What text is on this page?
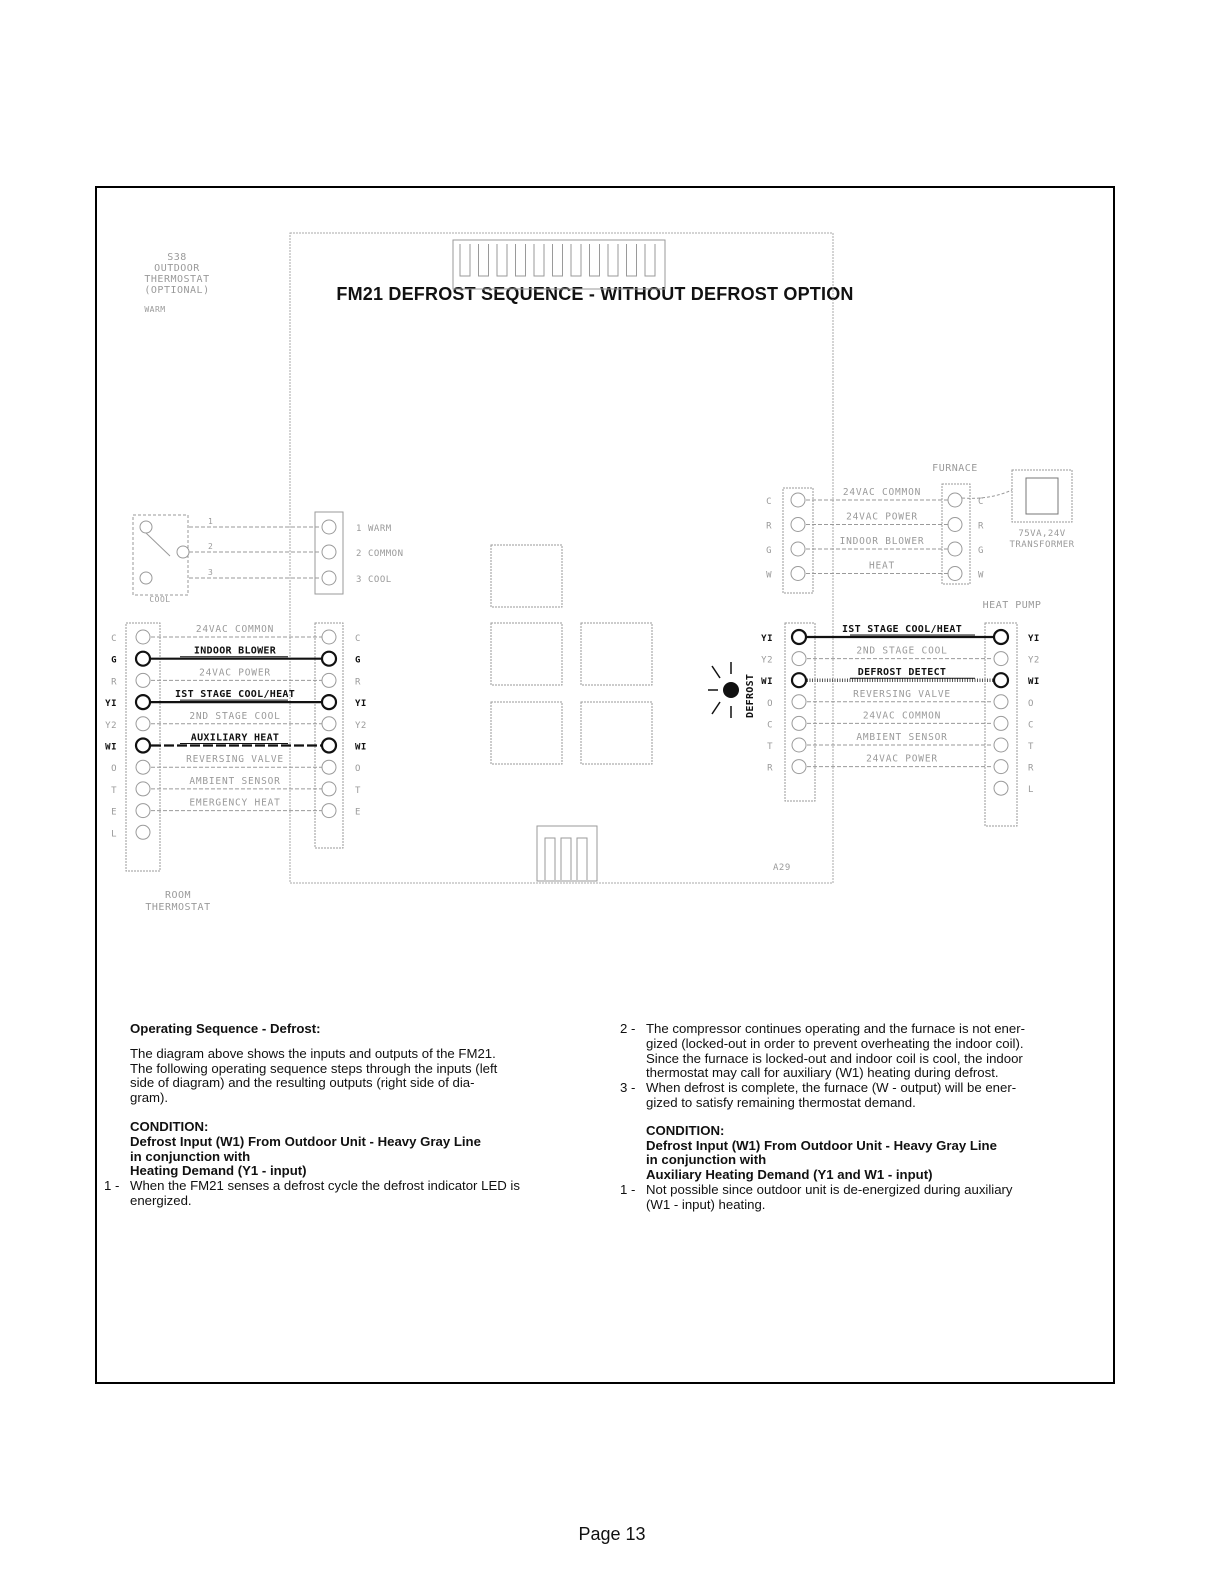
FM21 DEFROST SEQUENCE - WITHOUT DEFROST OPTION
A29
DEFROST
S38
OUTDOOR
THERMOSTAT
(OPTIONAL)
WARM
COOL
1
2
3
1 WARM
2 COMMON
3 COOL
C
24VAC COMMON
C
G
INDOOR BLOWER
G
R
24VAC POWER
R
YI
IST STAGE COOL/HEAT
YI
Y2
2ND STAGE COOL
Y2
WI
AUXILIARY HEAT
WI
O
REVERSING VALVE
O
T
AMBIENT SENSOR
T
E
EMERGENCY HEAT
E
L
ROOM
THERMOSTAT
FURNACE
C
24VAC COMMON
C
R
24VAC POWER
R
G
INDOOR BLOWER
G
W
HEAT
W
75VA,24V
TRANSFORMER
HEAT PUMP
YI
IST STAGE COOL/HEAT
YI
Y2
2ND STAGE COOL
Y2
WI
DEFROST DETECT
WI
O
REVERSING VALVE
O
C
24VAC COMMON
C
T
AMBIENT SENSOR
T
R
24VAC POWER
R
L
Operating Sequence - Defrost:
The diagram above shows the inputs and outputs of the FM21.
The following operating sequence steps through the inputs (left
side of diagram) and the resulting outputs (right side of dia-
gram).
CONDITION:
Defrost Input (W1) From Outdoor Unit - Heavy Gray Line
in conjunction with
Heating Demand (Y1 - input)
1 - When the FM21 senses a defrost cycle the defrost indicator LED is
energized.
2 - The compressor continues operating and the furnace is not ener-
gized (locked-out in order to prevent overheating the indoor coil).
Since the furnace is locked-out and indoor coil is cool, the indoor
thermostat may call for auxiliary (W1) heating during defrost.
3 - When defrost is complete, the furnace (W - output) will be ener-
gized to satisfy remaining thermostat demand.
CONDITION:
Defrost Input (W1) From Outdoor Unit - Heavy Gray Line
in conjunction with
Auxiliary Heating Demand (Y1 and W1 - input)
1 - Not possible since outdoor unit is de-energized during auxiliary
(W1 - input) heating.
Page 13
